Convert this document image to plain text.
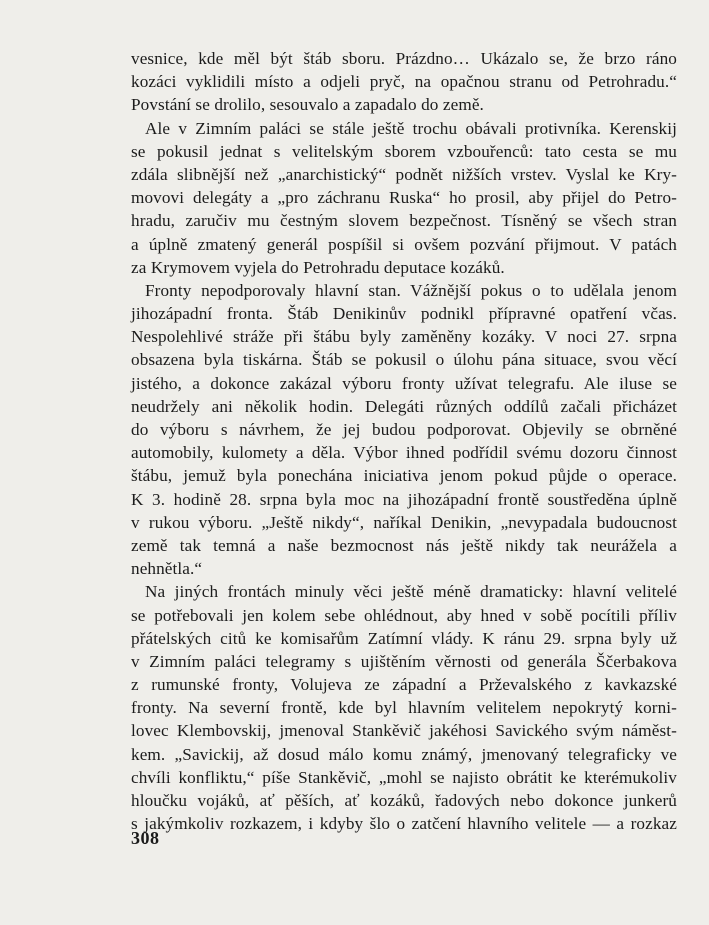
vesnice, kde měl být štáb sboru. Prázdno… Ukázalo se, že brzo ráno
kozáci vyklidili místo a odjeli pryč, na opačnou stranu od Petrohradu.“
Povstání se drolilo, sesouvalo a zapadalo do země.
Ale v Zimním paláci se stále ještě trochu obávali protivníka. Kerenskij
se pokusil jednat s velitelským sborem vzbouřenců: tato cesta se mu
zdála slibnější než „anarchistický“ podnět nižších vrstev. Vyslal ke Kry-
movovi delegáty a „pro záchranu Ruska“ ho prosil, aby přijel do Petro-
hradu, zaručiv mu čestným slovem bezpečnost. Tísněný se všech stran
a úplně zmatený generál pospíšil si ovšem pozvání přijmout. V patách
za Krymovem vyjela do Petrohradu deputace kozáků.
Fronty nepodporovaly hlavní stan. Vážnější pokus o to udělala jenom
jihozápadní fronta. Štáb Denikinův podnikl přípravné opatření včas.
Nespolehlivé stráže při štábu byly zaměněny kozáky. V noci 27. srpna
obsazena byla tiskárna. Štáb se pokusil o úlohu pána situace, svou věcí
jistého, a dokonce zakázal výboru fronty užívat telegrafu. Ale iluse se
neudržely ani několik hodin. Delegáti různých oddílů začali přicházet
do výboru s návrhem, že jej budou podporovat. Objevily se obrněné
automobily, kulomety a děla. Výbor ihned podřídil svému dozoru činnost
štábu, jemuž byla ponechána iniciativa jenom pokud půjde o operace.
K 3. hodině 28. srpna byla moc na jihozápadní frontě soustředěna úplně
v rukou výboru. „Ještě nikdy“, naříkal Denikin, „nevypadala budoucnost
země tak temná a naše bezmocnost nás ještě nikdy tak neurážela a
nehnětla.“
Na jiných frontách minuly věci ještě méně dramaticky: hlavní velitelé
se potřebovali jen kolem sebe ohlédnout, aby hned v sobě pocítili příliv
přátelských citů ke komisařům Zatímní vlády. K ránu 29. srpna byly už
v Zimním paláci telegramy s ujištěním věrnosti od generála Ščerbakova
z rumunské fronty, Volujeva ze západní a Prževalského z kavkazské
fronty. Na severní frontě, kde byl hlavním velitelem nepokrytý korni-
lovec Klembovskij, jmenoval Stankěvič jakéhosi Savického svým náměst-
kem. „Savickij, až dosud málo komu známý, jmenovaný telegraficky ve
chvíli konfliktu,“ píše Stankěvič, „mohl se najisto obrátit ke kterémukoliv
hloučku vojáků, ať pěších, ať kozáků, řadových nebo dokonce junkerů
s jakýmkoliv rozkazem, i kdyby šlo o zatčení hlavního velitele — a rozkaz
308
